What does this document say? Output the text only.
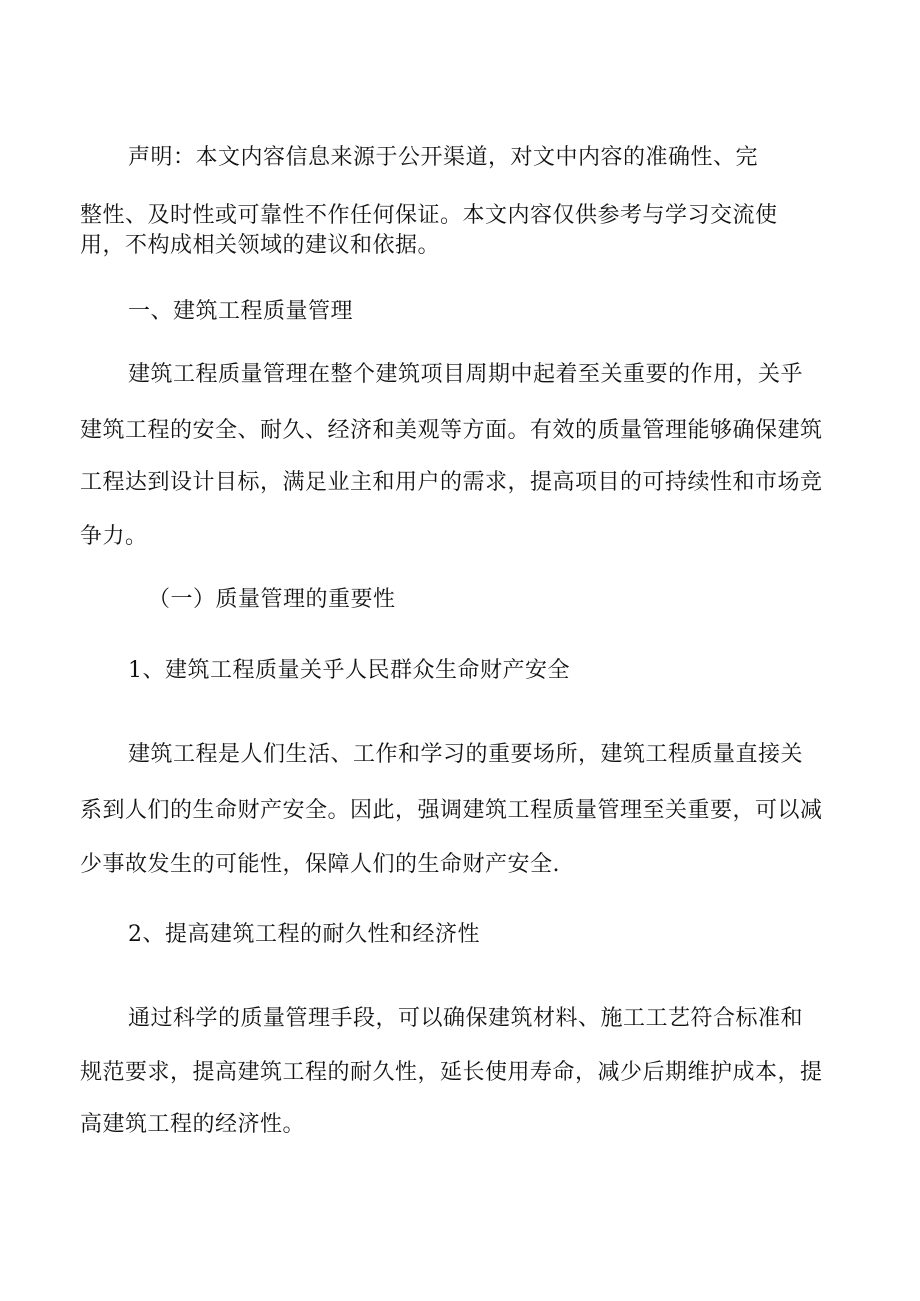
声明：本文内容信息来源于公开渠道，对文中内容的准确性、完
整性、及时性或可靠性不作任何保证。本文内容仅供参考与学习交流使
用，不构成相关领域的建议和依据。
一、建筑工程质量管理
建筑工程质量管理在整个建筑项目周期中起着至关重要的作用，关乎
建筑工程的安全、耐久、经济和美观等方面。有效的质量管理能够确保建筑
工程达到设计目标，满足业主和用户的需求，提高项目的可持续性和市场竞
争力。
（一）质量管理的重要性
1、建筑工程质量关乎人民群众生命财产安全
建筑工程是人们生活、工作和学习的重要场所，建筑工程质量直接关
系到人们的生命财产安全。因此，强调建筑工程质量管理至关重要，可以减
少事故发生的可能性，保障人们的生命财产安全.
2、提高建筑工程的耐久性和经济性
通过科学的质量管理手段，可以确保建筑材料、施工工艺符合标准和
规范要求，提高建筑工程的耐久性，延长使用寿命，减少后期维护成本，提
高建筑工程的经济性。
